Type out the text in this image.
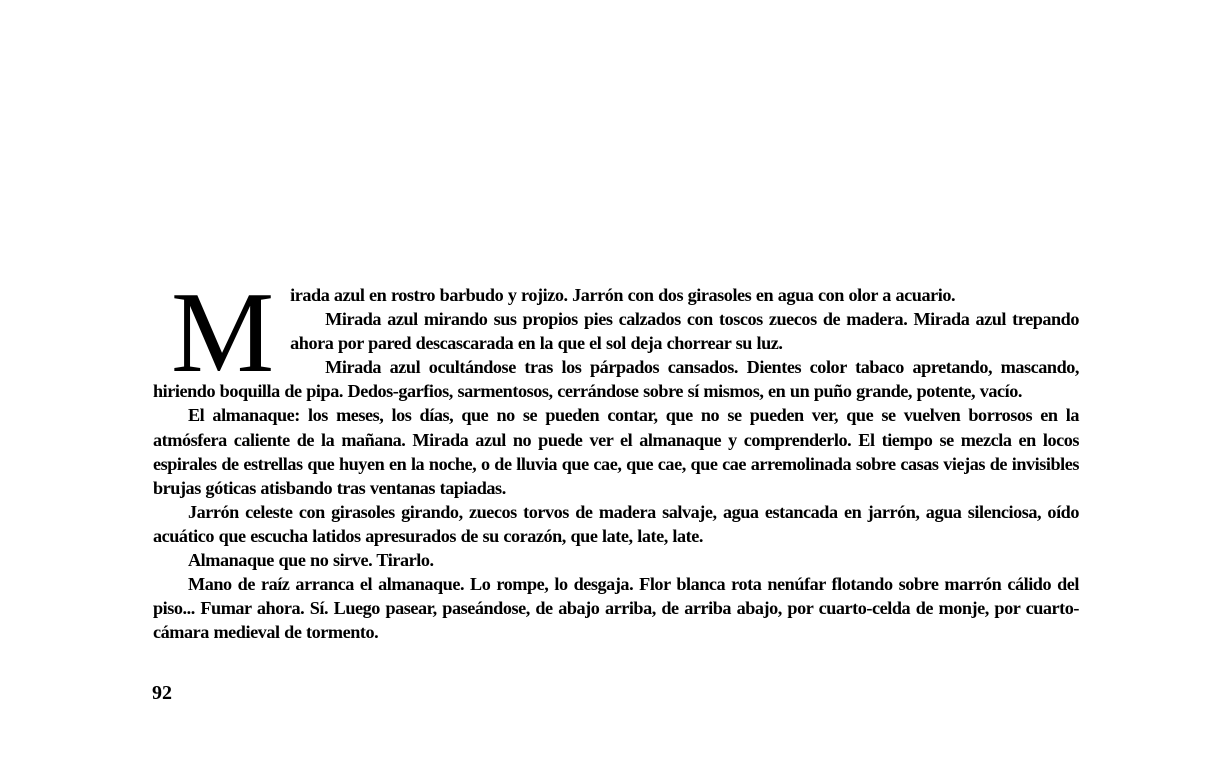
Mirada azul en rostro barbudo y rojizo. Jarrón con dos girasoles en agua con olor a acuario.

Mirada azul mirando sus propios pies calzados con toscos zuecos de madera. Mirada azul trepando ahora por pared descascarada en la que el sol deja chorrear su luz.

Mirada azul ocultándose tras los párpados cansados. Dientes color tabaco apretando, mascando, hiriendo boquilla de pipa. Dedos-garfios, sarmentosos, cerrándose sobre sí mismos, en un puño grande, potente, vacío.

El almanaque: los meses, los días, que no se pueden contar, que no se pueden ver, que se vuelven borrosos en la atmósfera caliente de la mañana. Mirada azul no puede ver el almanaque y comprenderlo. El tiempo se mezcla en locos espirales de estrellas que huyen en la noche, o de lluvia que cae, que cae, que cae arremolinada sobre casas viejas de invisibles brujas góticas atisbando tras ventanas tapiadas.

Jarrón celeste con girasoles girando, zuecos torvos de madera salvaje, agua estancada en jarrón, agua silenciosa, oído acuático que escucha latidos apresurados de su corazón, que late, late, late.

Almanaque que no sirve. Tirarlo.

Mano de raíz arranca el almanaque. Lo rompe, lo desgaja. Flor blanca rota nenúfar flotando sobre marrón cálido del piso... Fumar ahora. Sí. Luego pasear, paseándose, de abajo arriba, de arriba abajo, por cuarto-celda de monje, por cuarto-cámara medieval de tormento.

92
